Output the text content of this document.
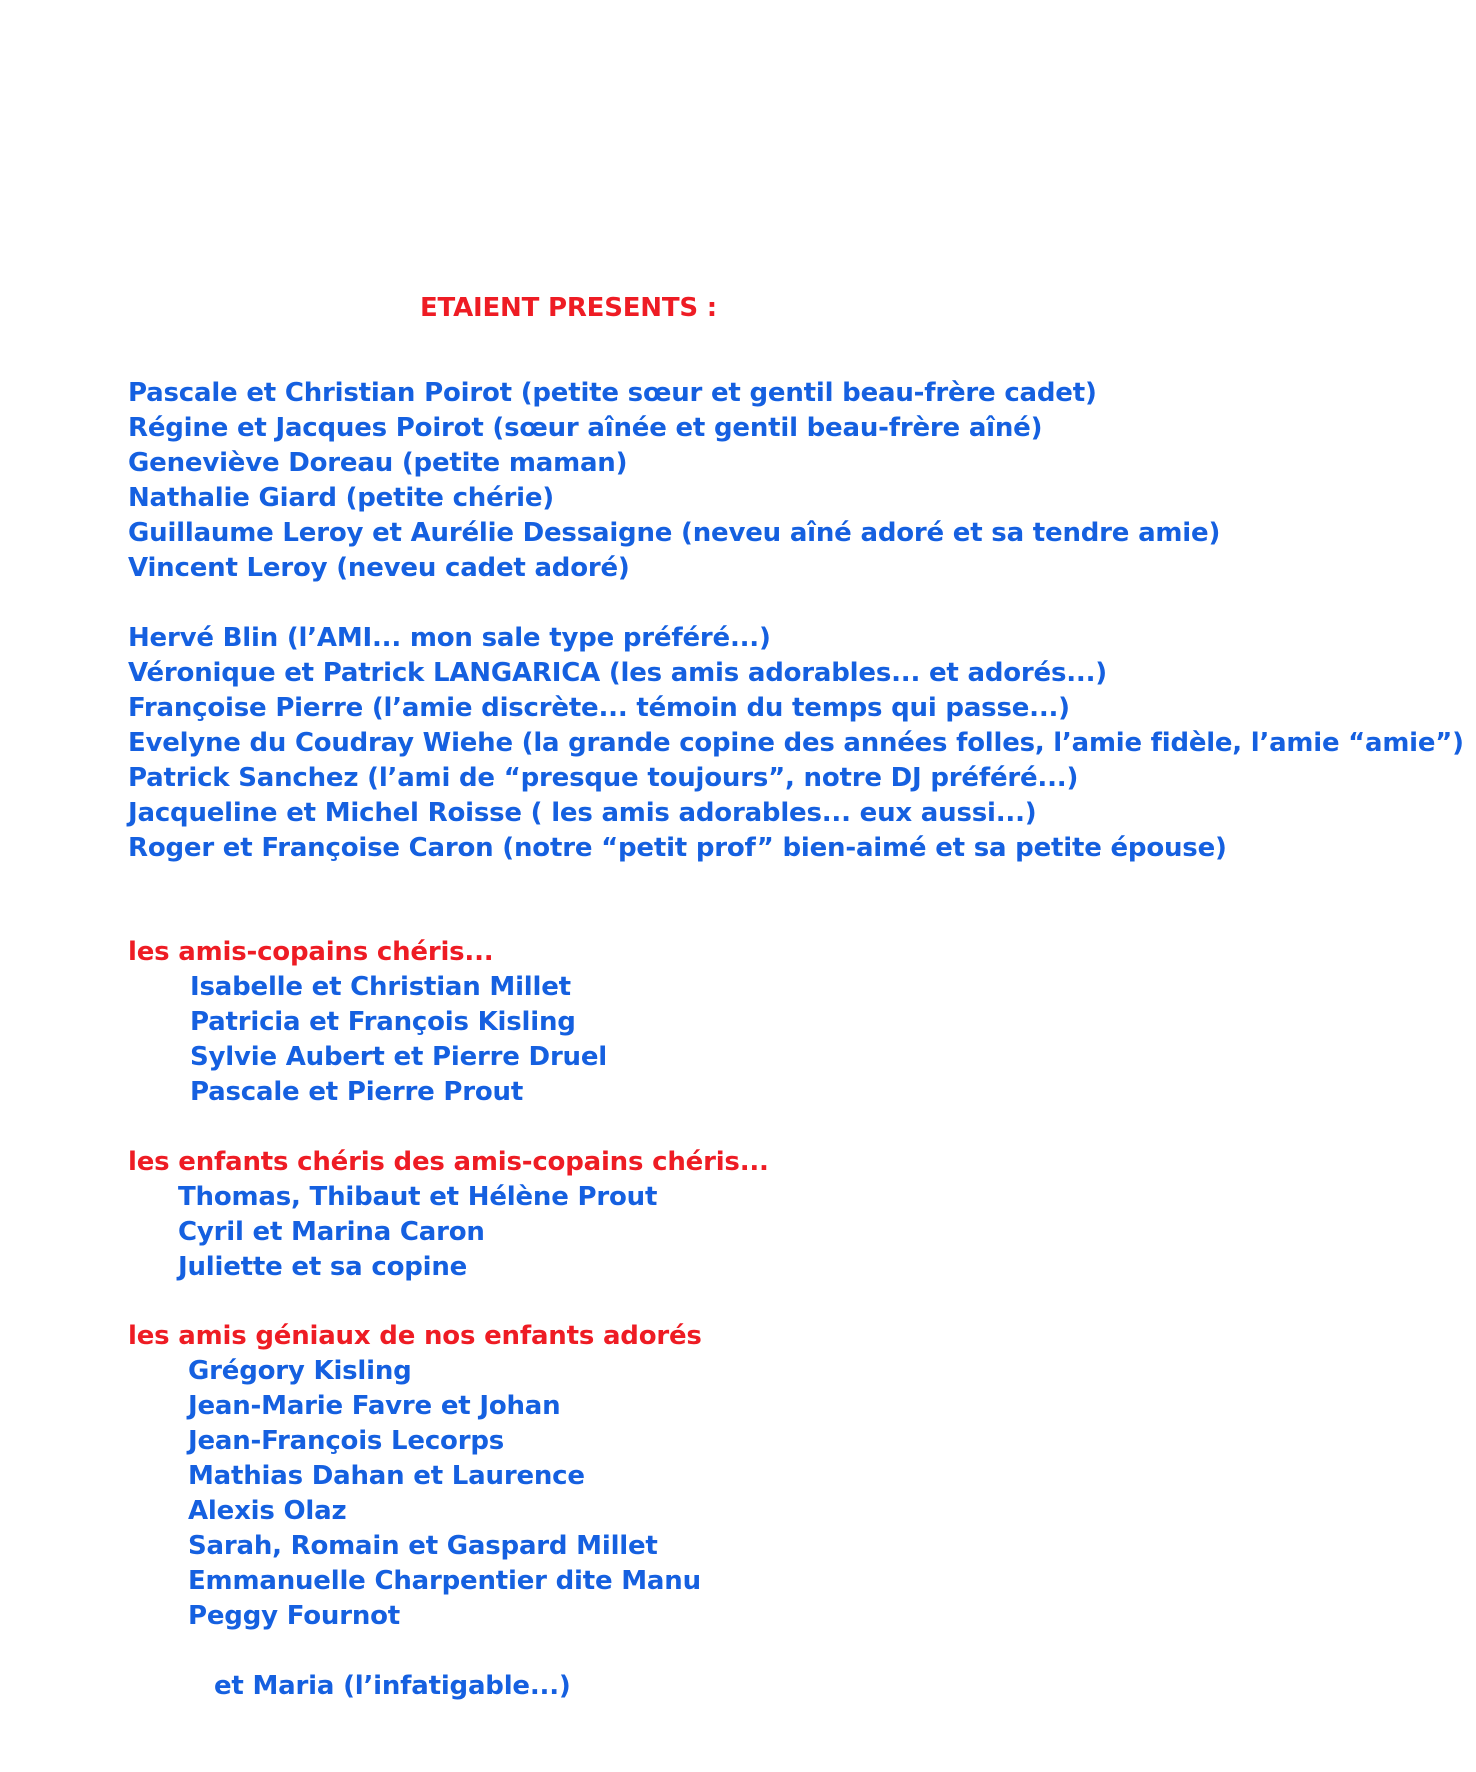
ETAIENT PRESENTS :
Pascale et Christian Poirot (petite sœur et gentil beau-frère cadet)
Régine et Jacques Poirot (sœur aînée et gentil beau-frère aîné)
Geneviève Doreau (petite maman)
Nathalie Giard (petite chérie)
Guillaume Leroy et Aurélie Dessaigne (neveu aîné adoré et sa tendre amie)
Vincent Leroy (neveu cadet adoré)
Hervé Blin (l’AMI... mon sale type préféré...)
Véronique et Patrick LANGARICA (les amis adorables... et adorés...)
Françoise Pierre (l’amie discrète... témoin du temps qui passe...)
Evelyne du Coudray Wiehe (la grande copine des années folles, l’amie fidèle, l’amie “amie”)
Patrick Sanchez (l’ami de “presque toujours”, notre DJ préféré...)
Jacqueline et Michel Roisse ( les amis adorables... eux aussi...)
Roger et Françoise Caron (notre “petit prof” bien-aimé et sa petite épouse)
les amis-copains chéris...
Isabelle et Christian Millet
Patricia et François Kisling
Sylvie Aubert et Pierre Druel
Pascale et Pierre Prout
les enfants chéris des amis-copains chéris...
Thomas, Thibaut et Hélène Prout
Cyril et Marina Caron
Juliette et sa copine
les amis géniaux de nos enfants adorés
Grégory Kisling
Jean-Marie Favre et Johan
Jean-François Lecorps
Mathias Dahan et Laurence
Alexis Olaz
Sarah, Romain et Gaspard Millet
Emmanuelle Charpentier dite Manu
Peggy Fournot
et Maria (l’infatigable...)
